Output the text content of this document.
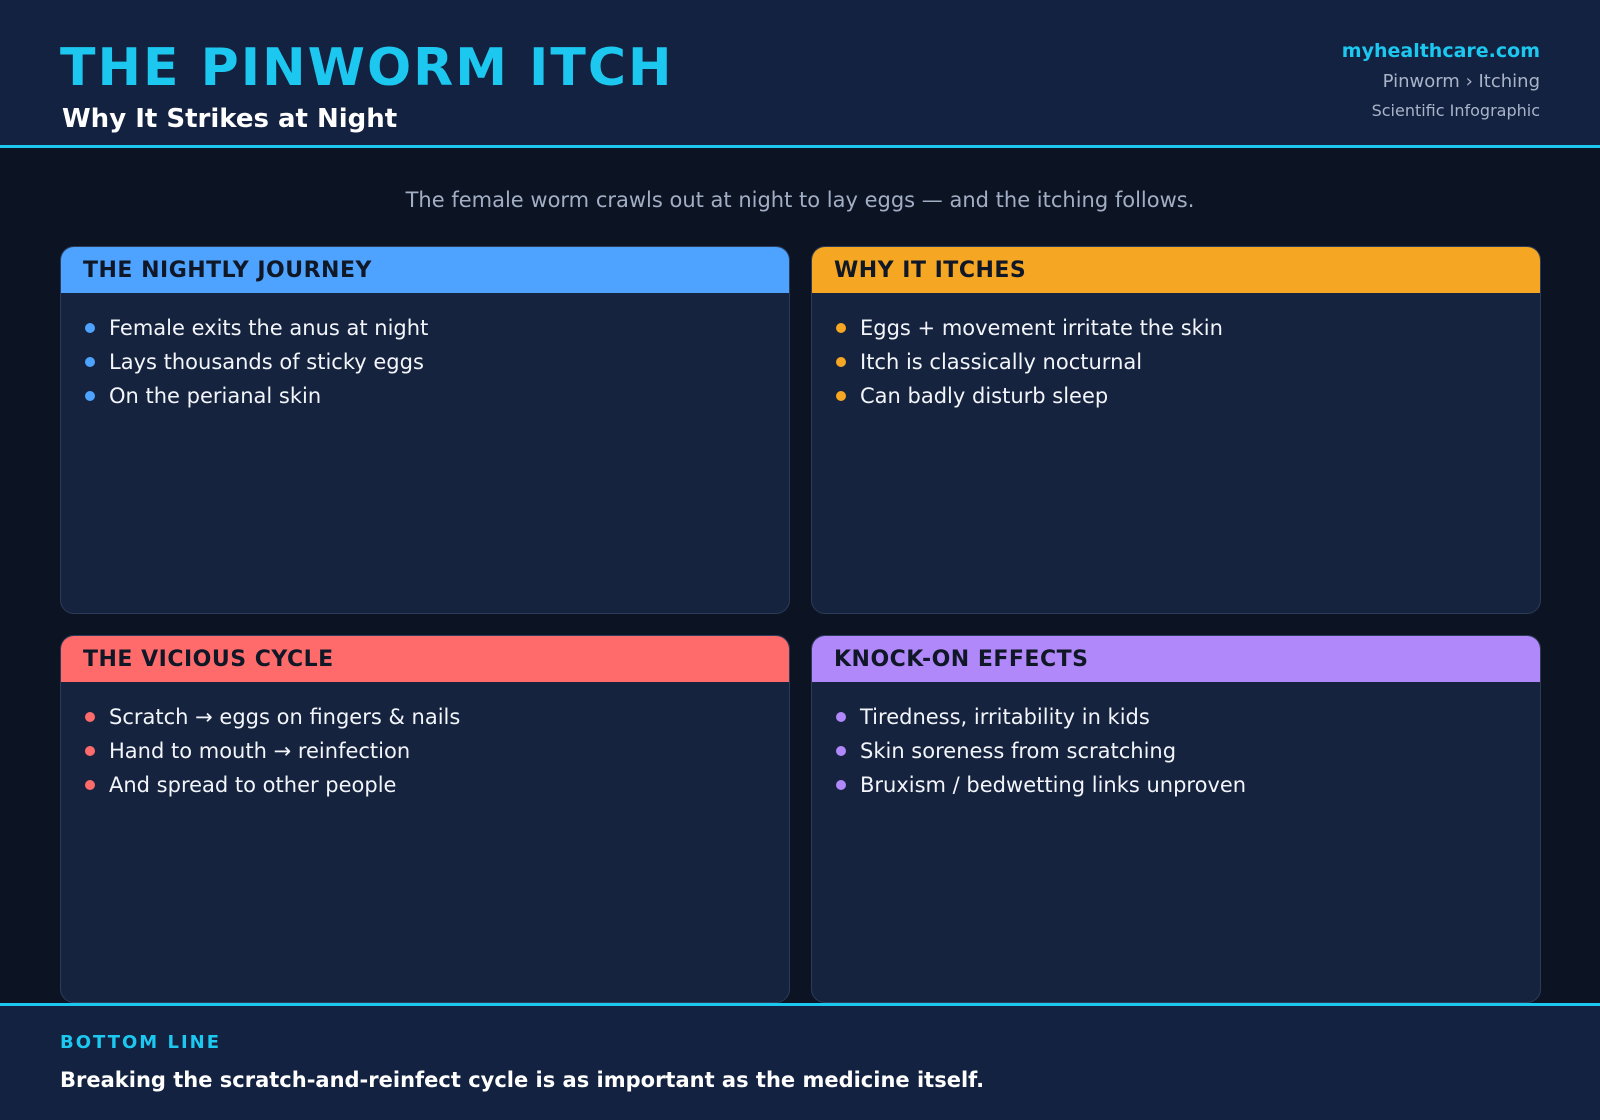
THE PINWORM ITCH
Why It Strikes at Night
myhealthcare.com
Pinworm › Itching
Scientific Infographic
The female worm crawls out at night to lay eggs — and the itching follows.
THE NIGHTLY JOURNEY
Female exits the anus at night
Lays thousands of sticky eggs
On the perianal skin
WHY IT ITCHES
Eggs + movement irritate the skin
Itch is classically nocturnal
Can badly disturb sleep
THE VICIOUS CYCLE
Scratch → eggs on fingers & nails
Hand to mouth → reinfection
And spread to other people
KNOCK-ON EFFECTS
Tiredness, irritability in kids
Skin soreness from scratching
Bruxism / bedwetting links unproven
BOTTOM LINE
Breaking the scratch-and-reinfect cycle is as important as the medicine itself.
